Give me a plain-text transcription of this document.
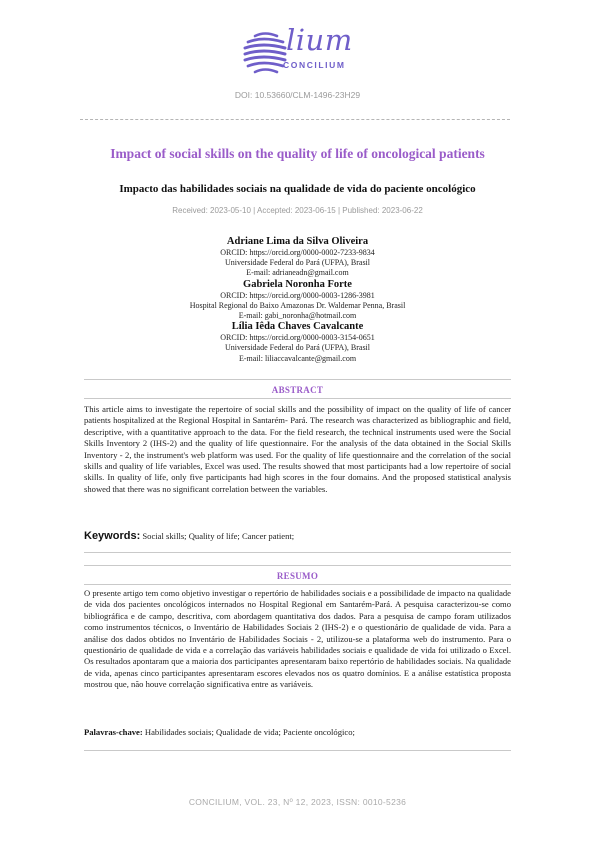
lium
CONCILIUM
DOI: 10.53660/CLM-1496-23H29
Impact of social skills on the quality of life of oncological patients
Impacto das habilidades sociais na qualidade de vida do paciente oncológico
Received: 2023-05-10 | Accepted: 2023-06-15 | Published: 2023-06-22
Adriane Lima da Silva Oliveira
ORCID: https://orcid.org/0000-0002-7233-9834
Universidade Federal do Pará (UFPA), Brasil
E-mail: adrianeadn@gmail.com
Gabriela Noronha Forte
ORCID: https://orcid.org/0000-0003-1286-3981
Hospital Regional do Baixo Amazonas Dr. Waldemar Penna, Brasil
E-mail: gabi_noronha@hotmail.com
Lília Iêda Chaves Cavalcante
ORCID: https://orcid.org/0000-0003-3154-0651
Universidade Federal do Pará (UFPA), Brasil
E-mail: liliaccavalcante@gmail.com
ABSTRACT

This article aims to investigate the repertoire of social skills and the possibility of impact on the quality of life of cancer patients hospitalized at the Regional Hospital in Santarém- Pará. The research was characterized as bibliographic and field, descriptive, with a quantitative approach to the data. For the field research, the technical instruments used were the Social Skills Inventory 2 (IHS-2) and the quality of life questionnaire. For the analysis of the data obtained in the Social Skills Inventory - 2, the instrument's web platform was used. For the quality of life questionnaire and the correlation of the social skills and quality of life variables, Excel was used. The results showed that most participants had a low repertoire of social skills. In quality of life, only five participants had high scores in the four domains. And the proposed statistical analysis showed that there was no significant correlation between the variables.

Keywords: Social skills; Quality of life; Cancer patient;
RESUMO

O presente artigo tem como objetivo investigar o repertório de habilidades sociais e a possibilidade de impacto na qualidade de vida dos pacientes oncológicos internados no Hospital Regional em Santarém-Pará. A pesquisa caracterizou-se como bibliográfica e de campo, descritiva, com abordagem quantitativa dos dados. Para a pesquisa de campo foram utilizados como instrumentos técnicos, o Inventário de Habilidades Sociais 2 (IHS-2) e o questionário de qualidade de vida. Para a análise dos dados obtidos no Inventário de Habilidades Sociais - 2, utilizou-se a plataforma web do instrumento. Para o questionário de qualidade de vida e a correlação das variáveis habilidades sociais e qualidade de vida foi utilizado o Excel. Os resultados apontaram que a maioria dos participantes apresentaram baixo repertório de habilidades sociais. Na qualidade de vida, apenas cinco participantes apresentaram escores elevados nos os quatro domínios. E a análise estatística proposta mostrou que, não houve correlação significativa entre as variáveis.

Palavras-chave: Habilidades sociais; Qualidade de vida; Paciente oncológico;
CONCILIUM, VOL. 23, Nº 12, 2023, ISSN: 0010-5236
